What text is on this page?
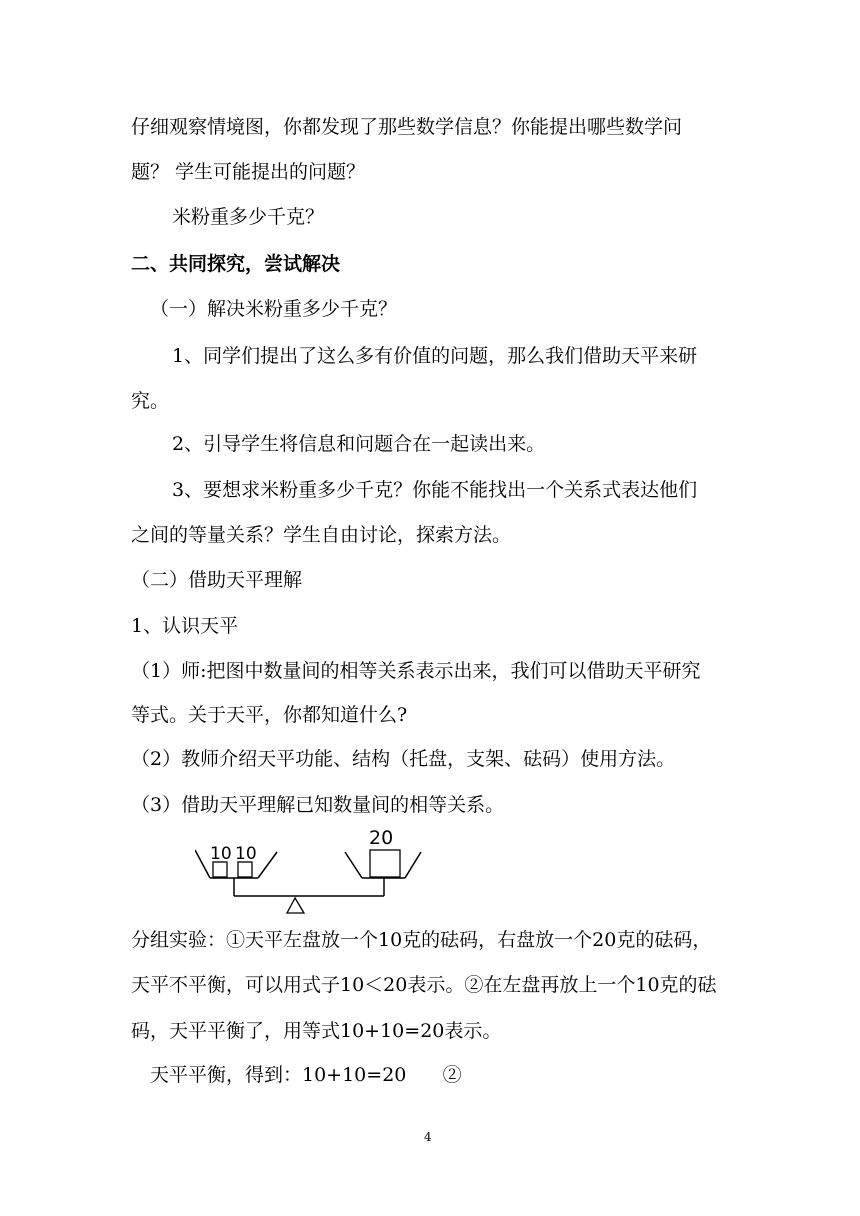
仔细观察情境图，你都发现了那些数学信息？你能提出哪些数学问
题？ 学生可能提出的问题？
米粉重多少千克？
二、共同探究，尝试解决
（一）解决米粉重多少千克？
1、同学们提出了这么多有价值的问题，那么我们借助天平来研
究。
2、引导学生将信息和问题合在一起读出来。
3、要想求米粉重多少千克？你能不能找出一个关系式表达他们
之间的等量关系？学生自由讨论，探索方法。
（二）借助天平理解
1、认识天平
（1）师:把图中数量间的相等关系表示出来，我们可以借助天平研究
等式。关于天平，你都知道什么?
（2）教师介绍天平功能、结构（托盘，支架、砝码）使用方法。
（3）借助天平理解已知数量间的相等关系。
10 10
20
分组实验：①天平左盘放一个10克的砝码，右盘放一个20克的砝码，
天平不平衡，可以用式子10＜20表示。②在左盘再放上一个10克的砝
码，天平平衡了，用等式10+10=20表示。
天平平衡，得到：10+10=20      ②
4
